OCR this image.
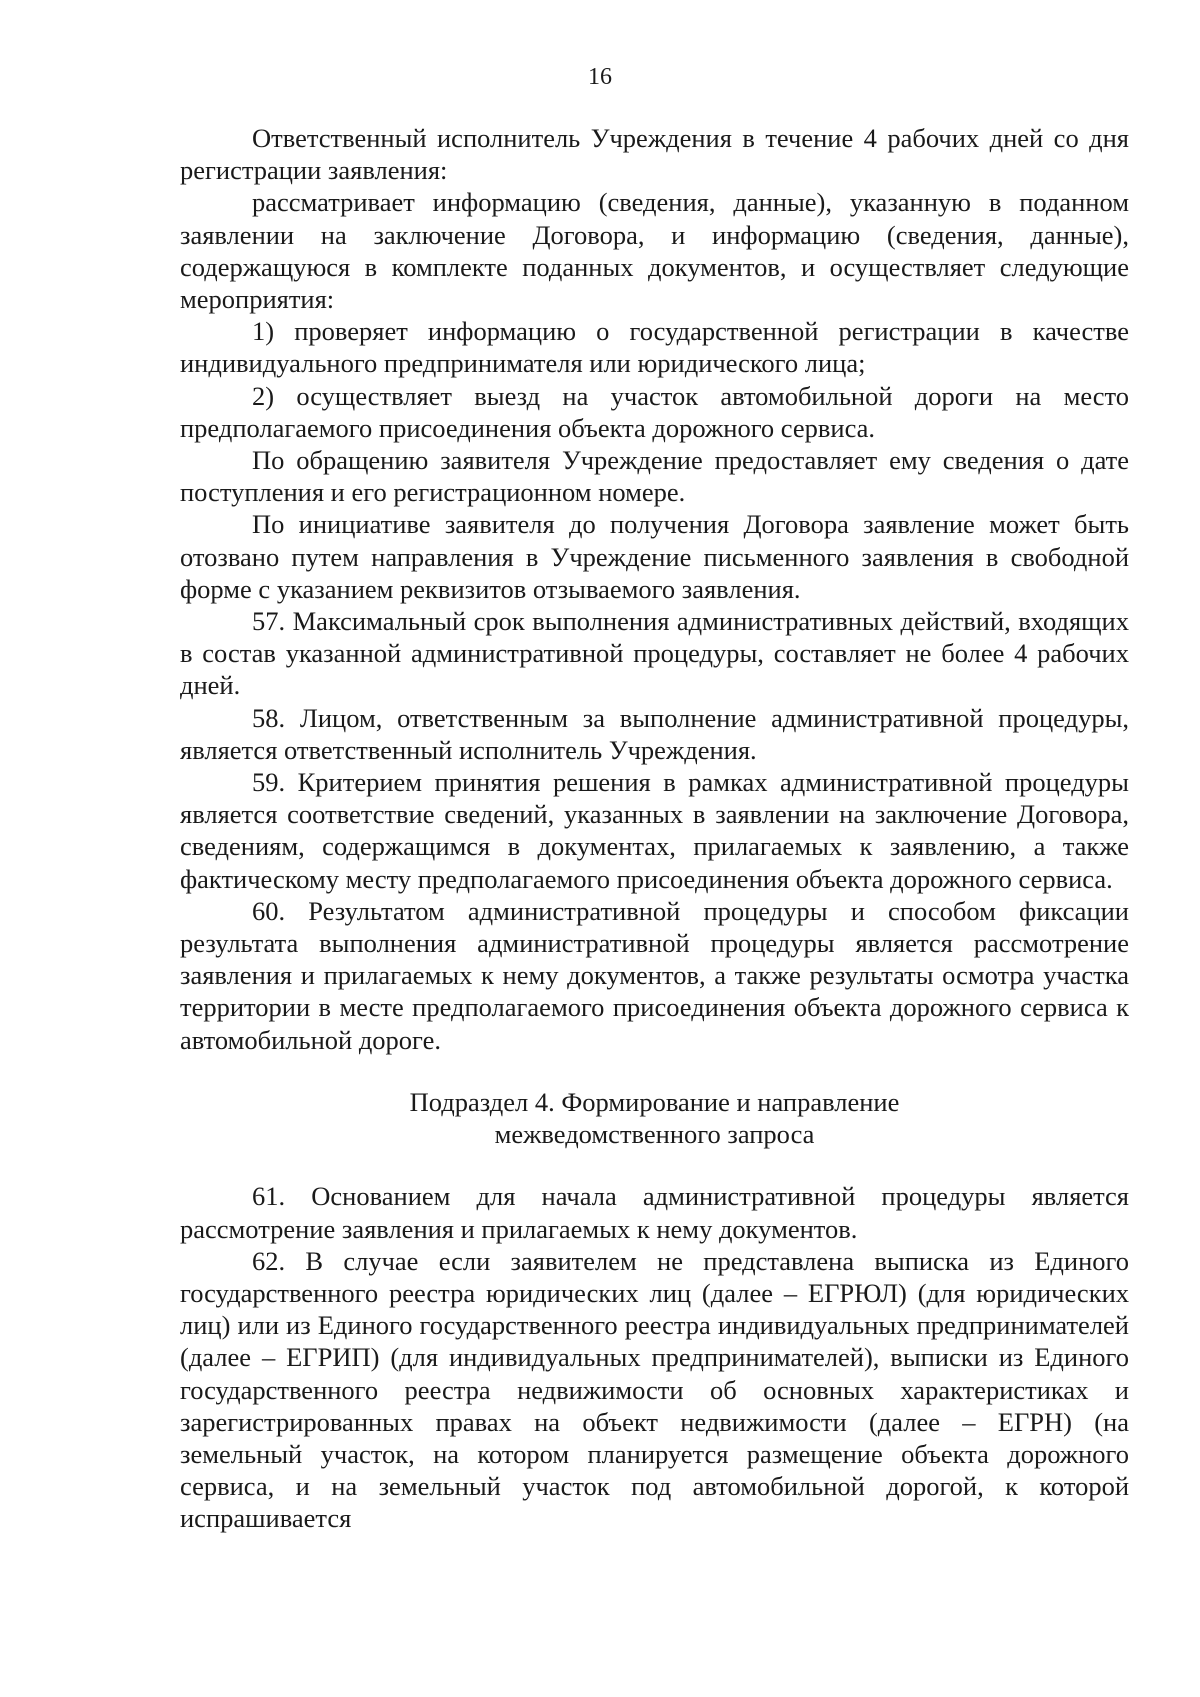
16

Ответственный исполнитель Учреждения в течение 4 рабочих дней со дня регистрации заявления:

рассматривает информацию (сведения, данные), указанную в поданном заявлении на заключение Договора, и информацию (сведения, данные), содержащуюся в комплекте поданных документов, и осуществляет следующие мероприятия:

1) проверяет информацию о государственной регистрации в качестве индивидуального предпринимателя или юридического лица;

2) осуществляет выезд на участок автомобильной дороги на место предполагаемого присоединения объекта дорожного сервиса.

По обращению заявителя Учреждение предоставляет ему сведения о дате поступления и его регистрационном номере.

По инициативе заявителя до получения Договора заявление может быть отозвано путем направления в Учреждение письменного заявления в свободной форме с указанием реквизитов отзываемого заявления.

57. Максимальный срок выполнения административных действий, входящих в состав указанной административной процедуры, составляет не более 4 рабочих дней.

58. Лицом, ответственным за выполнение административной процедуры, является ответственный исполнитель Учреждения.

59. Критерием принятия решения в рамках административной процедуры является соответствие сведений, указанных в заявлении на заключение Договора, сведениям, содержащимся в документах, прилагаемых к заявлению, а также фактическому месту предполагаемого присоединения объекта дорожного сервиса.

60. Результатом административной процедуры и способом фиксации результата выполнения административной процедуры является рассмотрение заявления и прилагаемых к нему документов, а также результаты осмотра участка территории в месте предполагаемого присоединения объекта дорожного сервиса к автомобильной дороге.

Подраздел 4. Формирование и направление

межведомственного запроса

61. Основанием для начала административной процедуры является рассмотрение заявления и прилагаемых к нему документов.

62. В случае если заявителем не представлена выписка из Единого государственного реестра юридических лиц (далее – ЕГРЮЛ) (для юридических лиц) или из Единого государственного реестра индивидуальных предпринимателей (далее – ЕГРИП) (для индивидуальных предпринимателей), выписки из Единого государственного реестра недвижимости об основных характеристиках и зарегистрированных правах на объект недвижимости (далее – ЕГРН) (на земельный участок, на котором планируется размещение объекта дорожного сервиса, и на земельный участок под автомобильной дорогой, к которой испрашивается
